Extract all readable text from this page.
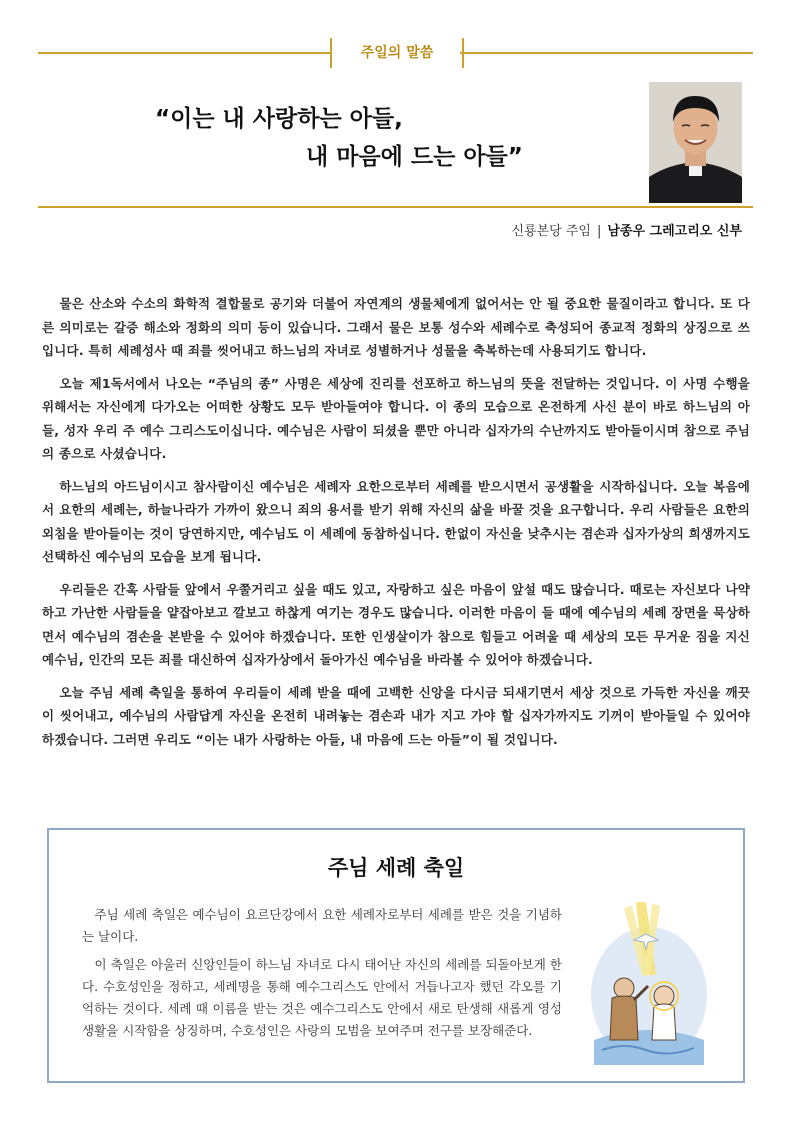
주일의 말씀
“이는 내 사랑하는 아들,
내 마음에 드는 아들”
신룡본당 주임 | 남종우 그레고리오 신부

물은 산소와 수소의 화학적 결합물로 공기와 더불어 자연계의 생물체에게 없어서는 안 될 중요한 물질이라고 합니다. 또 다른 의미로는 갈증 해소와 정화의 의미 등이 있습니다. 그래서 물은 보통 성수와 세례수로 축성되어 종교적 정화의 상징으로 쓰입니다. 특히 세례성사 때 죄를 씻어내고 하느님의 자녀로 성별하거나 성물을 축복하는데 사용되기도 합니다.

오늘 제1독서에서 나오는 “주님의 종” 사명은 세상에 진리를 선포하고 하느님의 뜻을 전달하는 것입니다. 이 사명 수행을 위해서는 자신에게 다가오는 어떠한 상황도 모두 받아들여야 합니다. 이 종의 모습으로 온전하게 사신 분이 바로 하느님의 아들, 성자 우리 주 예수 그리스도이십니다. 예수님은 사람이 되셨을 뿐만 아니라 십자가의 수난까지도 받아들이시며 참으로 주님의 종으로 사셨습니다.

하느님의 아드님이시고 참사람이신 예수님은 세례자 요한으로부터 세례를 받으시면서 공생활을 시작하십니다. 오늘 복음에서 요한의 세례는, 하늘나라가 가까이 왔으니 죄의 용서를 받기 위해 자신의 삶을 바꿀 것을 요구합니다. 우리 사람들은 요한의 외침을 받아들이는 것이 당연하지만, 예수님도 이 세례에 동참하십니다. 한없이 자신을 낮추시는 겸손과 십자가상의 희생까지도 선택하신 예수님의 모습을 보게 됩니다.

우리들은 간혹 사람들 앞에서 우쭐거리고 싶을 때도 있고, 자랑하고 싶은 마음이 앞설 때도 많습니다. 때로는 자신보다 나약하고 가난한 사람들을 얕잡아보고 깔보고 하찮게 여기는 경우도 많습니다. 이러한 마음이 들 때에 예수님의 세례 장면을 묵상하면서 예수님의 겸손을 본받을 수 있어야 하겠습니다. 또한 인생살이가 참으로 힘들고 어려울 때 세상의 모든 무거운 짐을 지신 예수님, 인간의 모든 죄를 대신하여 십자가상에서 돌아가신 예수님을 바라볼 수 있어야 하겠습니다.

오늘 주님 세례 축일을 통하여 우리들이 세례 받을 때에 고백한 신앙을 다시금 되새기면서 세상 것으로 가득한 자신을 깨끗이 씻어내고, 예수님의 사람답게 자신을 온전히 내려놓는 겸손과 내가 지고 가야 할 십자가까지도 기꺼이 받아들일 수 있어야 하겠습니다. 그러면 우리도 “이는 내가 사랑하는 아들, 내 마음에 드는 아들”이 될 것입니다.

주님 세례 축일

주님 세례 축일은 예수님이 요르단강에서 요한 세례자로부터 세례를 받은 것을 기념하는 날이다.

이 축일은 아울러 신앙인들이 하느님 자녀로 다시 태어난 자신의 세례를 되돌아보게 한다. 수호성인을 정하고, 세례명을 통해 예수그리스도 안에서 거듭나고자 했던 각오를 기억하는 것이다. 세례 때 이름을 받는 것은 예수그리스도 안에서 새로 탄생해 새롭게 영성생활을 시작함을 상징하며, 수호성인은 사랑의 모범을 보여주며 전구를 보장해준다.
